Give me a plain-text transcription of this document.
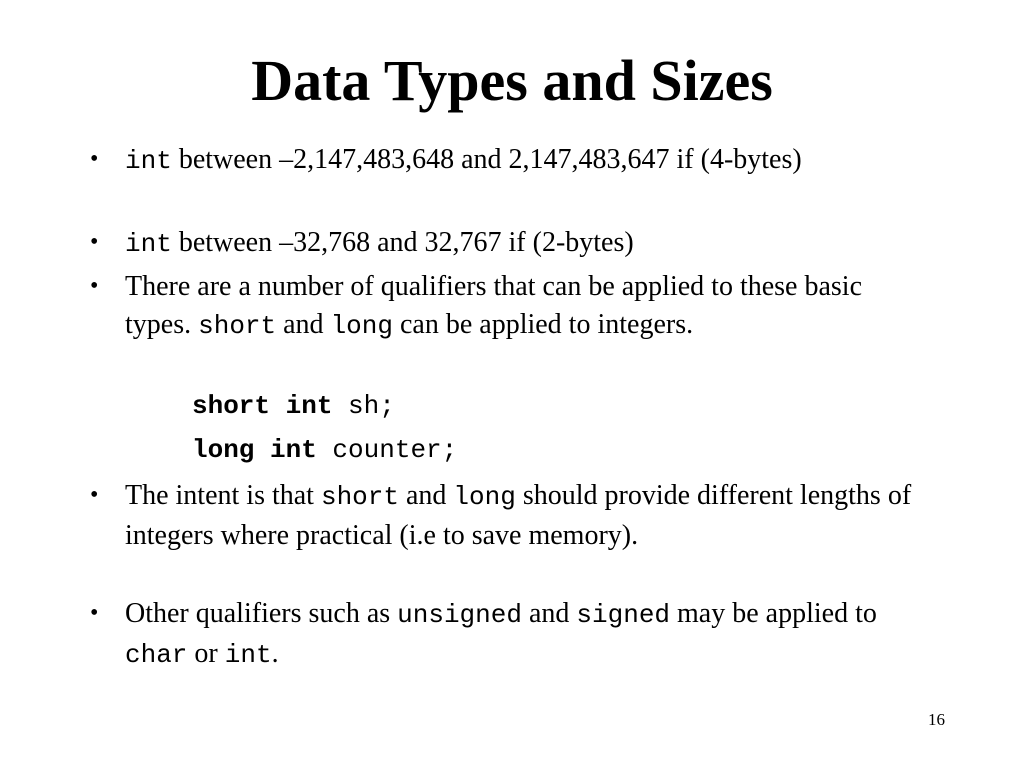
Data Types and Sizes
• int between –2,147,483,648 and 2,147,483,647 if (4-bytes)
• int between –32,768 and 32,767 if (2-bytes)
• There are a number of qualifiers that can be applied to these basic types. short and long can be applied to integers.
• The intent is that short and long should provide different lengths of integers where practical (i.e to save memory).
• Other qualifiers such as unsigned and signed may be applied to char or int.
short int sh;
long int counter;
16
